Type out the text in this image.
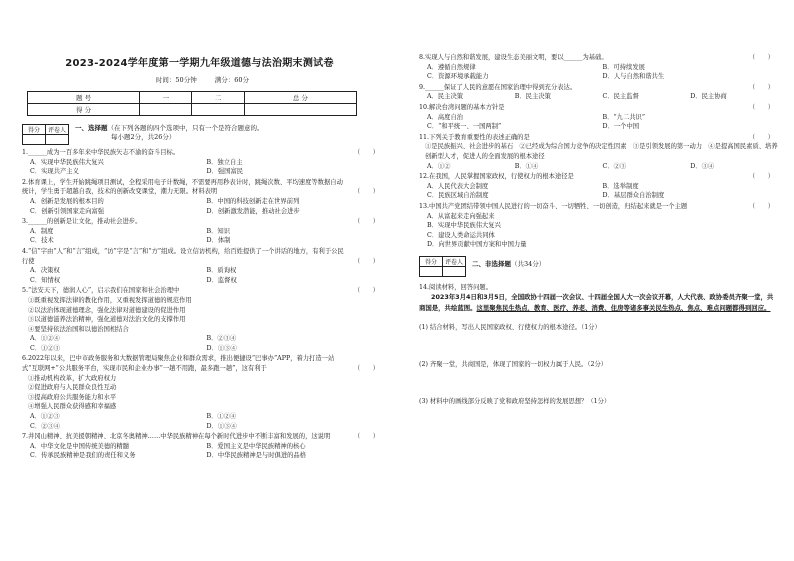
2023-2024学年度第一学期九年级道德与法治期末测试卷
时间：50分钟	满分：60分
题 号	一	二	总 分
得 分			
得分	评卷人
	一、选择题（在下列各题的四个选项中，只有一个是符合题意的。
每小题2分，共26分）
1.______成为一百多年来中华民族矢志不渝的奋斗目标。	（　　）
A．实现中华民族伟大复兴	B．独立自主
C．实现共产主义	D．强国富民
2.体育课上，学生开始跳绳项目测试，全程采用电子计数绳，不需要再用秒表计时，跳绳次数、平均速度等数据自动统计，学生勇于超越自我，技术的创新改变课堂，潮力无限。材料表明	（　　）
A．创新是发展的根本目的	B．中国的科技创新走在世界前列
C．创新引领国家走向富强	D．创新激发潜能，推动社会进步
3.______的创新是让文化，推动社会进步。	（　　）
A．制度	B．知识
C．技术	D．体制
4.“信”字由“人”和“言”组成，“访”字是“言”和“方”组成。设立信访机构，给百姓提供了一个讲话的地方，有利于公民行使	（　　）
A．决策权	B．质询权
C．知情权	D．监督权
5.“法安天下，德润人心”，启示我们在国家和社会治理中	（　　）
①既重视发挥法律的教化作用，又重视发挥道德的规范作用
②以法治体现道德理念，强化法律对道德建设的促进作用
③以道德滋养法治精神，强化道德对法治文化的支撑作用
④要坚持依法治国和以德治国相结合
A．①②④	B．②③④
C．①②③	D．①③④
6.2022年以来，巴中市政务服务和大数据管理局聚焦企业和群众需求，推出便捷设“巴事办”APP，着力打造一站式“互联网+”公共服务平台，实现市民和企业办事“一趟不用跑，最多跑一趟”，这有利于	（　　）
①推动机构改革，扩大政府权力
②促进政府与人民群众良性互动
③提高政府公共服务能力和水平
④增强人民群众获得感和幸福感
A．①②③	B．①②④
C．②③④	D．①③④
7.井冈山精神、抗美援朝精神、北京冬奥精神……中华民族精神在每个新时代进步中不断丰富和发展的，这说明	（　　）
A．中华文化是中国传统美德的精髓	B．爱国主义是中华民族精神的核心
C．传承民族精神是我们的责任和义务	D．中华民族精神是与时俱进的品格
8.实现人与自然和谐发展，建设生态美丽文明，要以______为基础。	（　　）
A．遵循自然规律	B．可持续发展
C．资源环境承载能力	D．人与自然和谐共生
9.______保证了人民的意愿在国家治理中得到充分表达。	（　　）
A．民主决策	B．民主决策	C．民主监督	D．民主协商
10.解决台湾问题的基本方针是	（　　）
A．高度自治	B．“九二共识”
C．“和平统一、一国两制”	D．一个中国
11.下列关于教育重要性的表述正确的是	（　　）
①是民族振兴、社会进步的基石　②已经成为综合国力竞争的决定性因素　③是引领发展的第一动力　④是提高国民素质、培养创新型人才，促进人的全面发展的根本途径
A．①②	B．①④	C．②③	D．③④
12.在我国，人民掌握国家政权，行使权力的根本途径是	（　　）
A．人民代表大会制度	B．选举制度
C．民族区域自治制度	D．基层群众自治制度
13.中国共产党团结带领中国人民进行的一切奋斗、一切牺牲、一切创造，归结起来就是一个主题	（　　）
A．从富起来走向强起来
B．实现中华民族伟大复兴
C．建设人类命运共同体
D．向世界贡献中国方案和中国力量
得分	评卷人
	二、非选择题（共34分）
14.阅读材料，回答问题。
2023年3月4日和3月5日，全国政协十四届一次会议、十四届全国人大一次会议开幕，人大代表、政协委员齐聚一堂，共商国是，共绘蓝图。这里聚焦民生热点，教育、医疗、养老、消费、住房等诸多事关民生热点、焦点、难点问题都得到回应。
(1) 结合材料，写出人民国家政权、行使权力的根本途径。（1分）
(2) 齐聚一堂，共商国是，体现了国家的一切权力属于人民。（2分）
(3) 材料中的画线部分反映了党和政府坚持怎样的发展思想？（1分）
